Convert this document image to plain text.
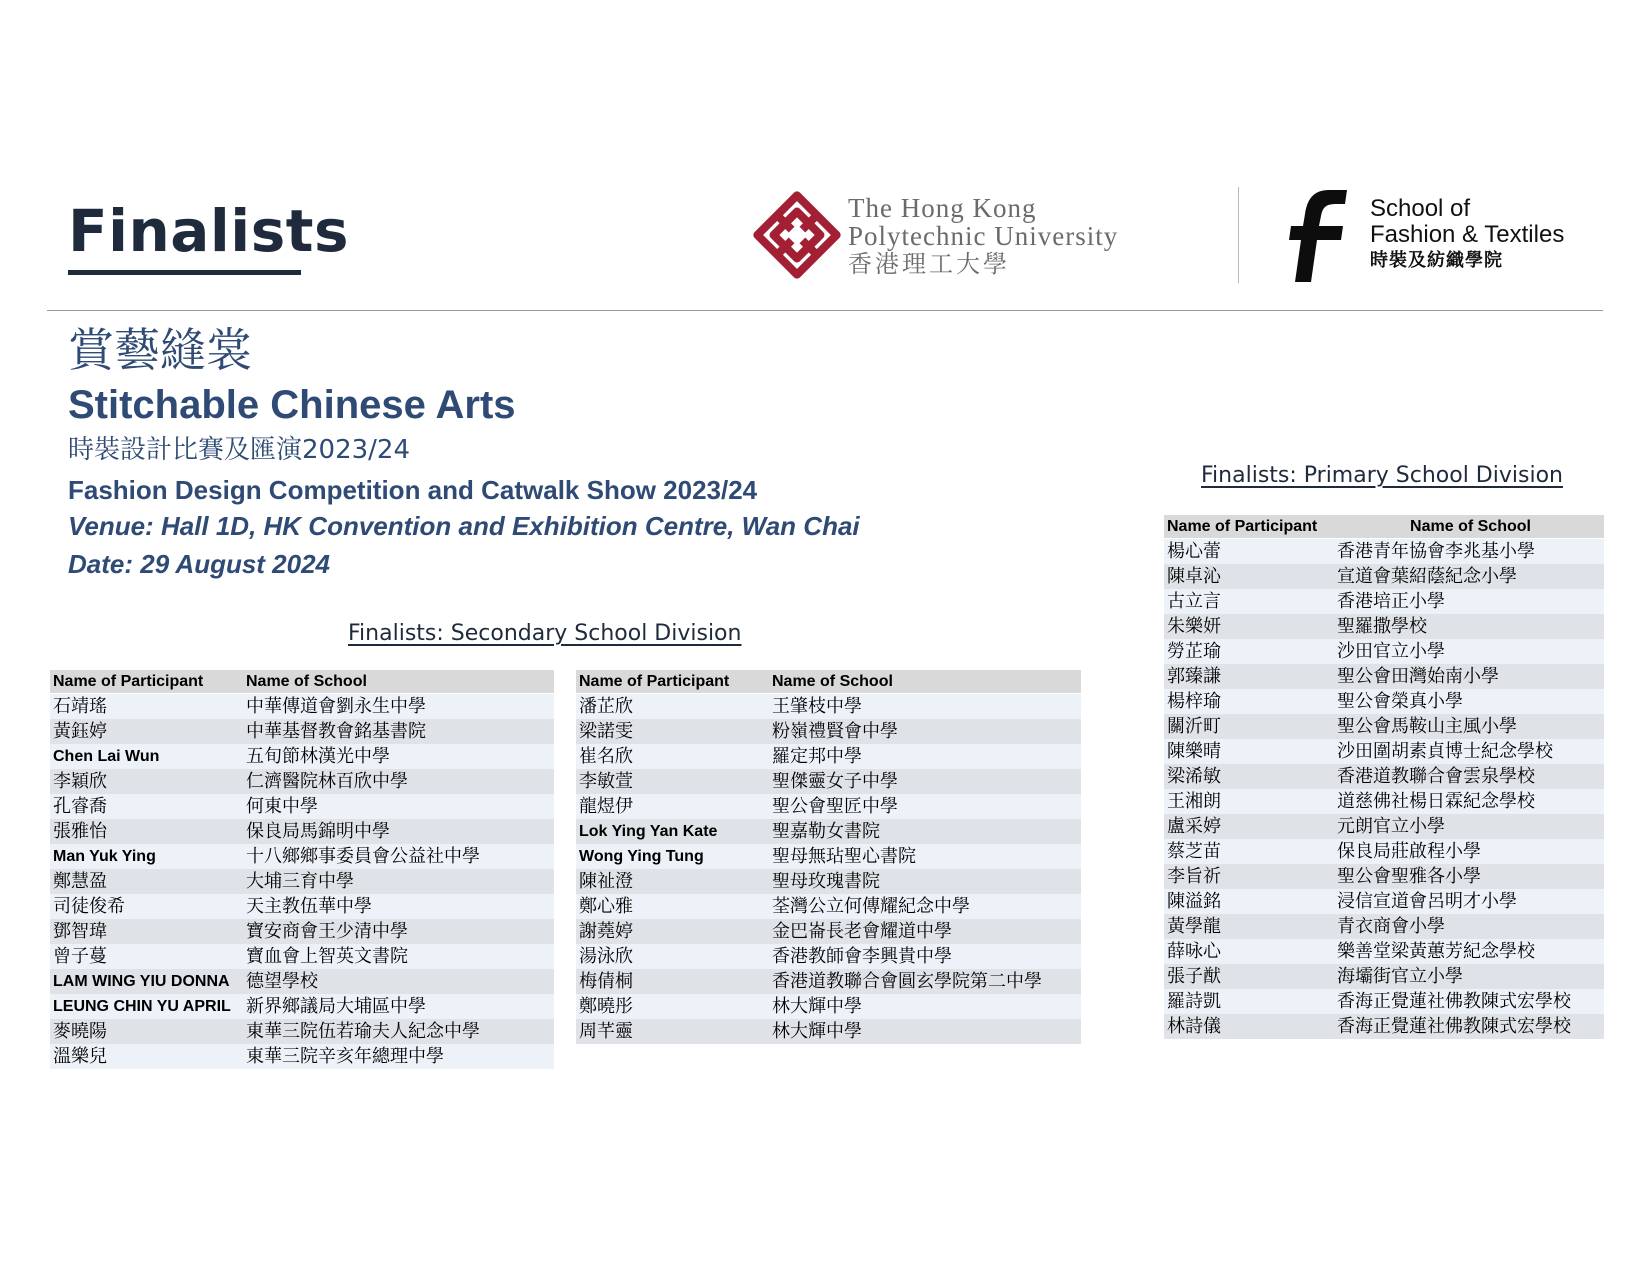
Finalists	The Hong Kong
Polytechnic University
香港理工大學
School of
Fashion & Textiles
時裝及紡織學院
賞藝縫裳
Stitchable Chinese Arts
時裝設計比賽及匯演2023/24
Fashion Design Competition and Catwalk Show 2023/24
Venue: Hall 1D, HK Convention and Exhibition Centre, Wan Chai
Date: 29 August 2024
Finalists: Secondary School Division
Finalists: Primary School Division
Name of Participant	Name of School
石靖瑤	中華傳道會劉永生中學
黃鈺婷	中華基督教會銘基書院
Chen Lai Wun	五旬節林漢光中學
李穎欣	仁濟醫院林百欣中學
孔睿喬	何東中學
張雅怡	保良局馬錦明中學
Man Yuk Ying	十八鄉鄉事委員會公益社中學
鄭慧盈	大埔三育中學
司徒俊希	天主教伍華中學
鄧智瑋	寶安商會王少清中學
曾子蔓	寶血會上智英文書院
LAM WING YIU DONNA	德望學校
LEUNG CHIN YU APRIL	新界鄉議局大埔區中學
麥曉陽	東華三院伍若瑜夫人紀念中學
溫樂兒	東華三院辛亥年總理中學
Name of Participant	Name of School
潘芷欣	王肇枝中學
梁諾雯	粉嶺禮賢會中學
崔名欣	羅定邦中學
李敏萱	聖傑靈女子中學
龍煜伊	聖公會聖匠中學
Lok Ying Yan Kate	聖嘉勒女書院
Wong Ying Tung	聖母無玷聖心書院
陳祉澄	聖母玫瑰書院
鄭心雅	荃灣公立何傳耀紀念中學
謝蕘婷	金巴崙長老會耀道中學
湯泳欣	香港教師會李興貴中學
梅倩桐	香港道教聯合會圓玄學院第二中學
鄭曉彤	林大輝中學
周芊靈	林大輝中學
Name of Participant	Name of School
楊心蕾	香港青年協會李兆基小學
陳卓沁	宣道會葉紹蔭紀念小學
古立言	香港培正小學
朱樂妍	聖羅撒學校
勞芷瑜	沙田官立小學
郭臻謙	聖公會田灣始南小學
楊梓瑜	聖公會榮真小學
關沂町	聖公會馬鞍山主風小學
陳樂晴	沙田圍胡素貞博士紀念學校
梁浠敏	香港道教聯合會雲泉學校
王湘朗	道慈佛社楊日霖紀念學校
盧采婷	元朗官立小學
蔡芝苗	保良局莊啟程小學
李旨祈	聖公會聖雅各小學
陳溢銘	浸信宣道會呂明才小學
黃學龍	青衣商會小學
薛咏心	樂善堂梁黃蕙芳紀念學校
張子猷	海壩街官立小學
羅詩凱	香海正覺蓮社佛教陳式宏學校
林詩儀	香海正覺蓮社佛教陳式宏學校
